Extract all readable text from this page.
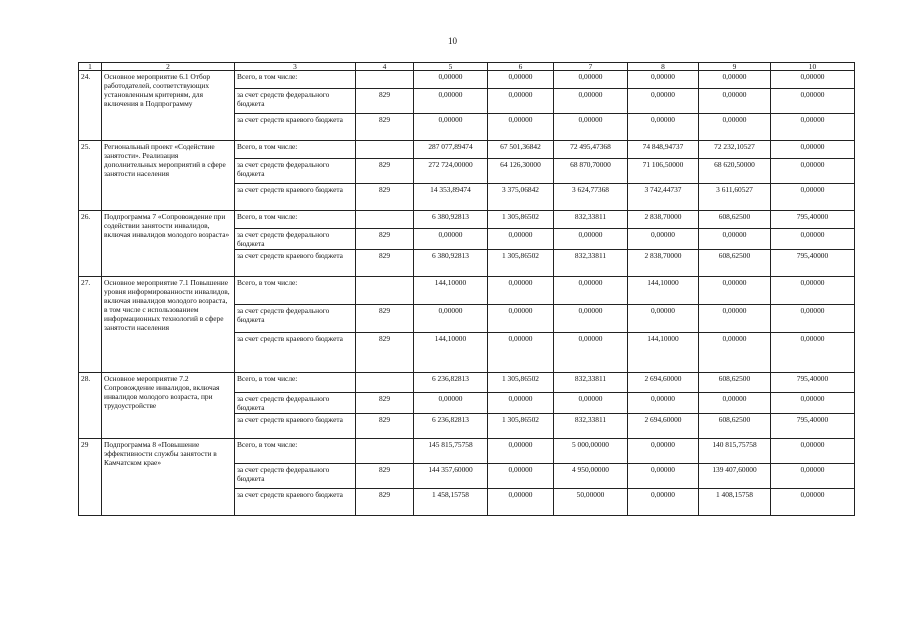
10
1	2	3	4	5	6	7	8	9	10
24.	Основное мероприятие 6.1 Отбор работодателей, соответствующих установленным критериям, для включения в Подпрограмму	Всего, в том числе:		0,00000	0,00000	0,00000	0,00000	0,00000	0,00000
		за счет средств федерального бюджета	829	0,00000	0,00000	0,00000	0,00000	0,00000	0,00000
		за счет средств краевого бюджета	829	0,00000	0,00000	0,00000	0,00000	0,00000	0,00000
25.	Региональный проект «Содействие занятости». Реализация дополнительных мероприятий в сфере занятости населения	Всего, в том числе:		287 077,89474	67 501,36842	72 495,47368	74 848,94737	72 232,10527	0,00000
		за счет средств федерального бюджета	829	272 724,00000	64 126,30000	68 870,70000	71 106,50000	68 620,50000	0,00000
		за счет средств краевого бюджета	829	14 353,89474	3 375,06842	3 624,77368	3 742,44737	3 611,60527	0,00000
26.	Подпрограмма 7 «Сопровождение при содействии занятости инвалидов, включая инвалидов молодого возраста»	Всего, в том числе:		6 380,92813	1 305,86502	832,33811	2 838,70000	608,62500	795,40000
		за счет средств федерального бюджета	829	0,00000	0,00000	0,00000	0,00000	0,00000	0,00000
		за счет средств краевого бюджета	829	6 380,92813	1 305,86502	832,33811	2 838,70000	608,62500	795,40000
27.	Основное мероприятие 7.1 Повышение уровня информированности инвалидов, включая инвалидов молодого возраста, в том числе с использованием информационных технологий в сфере занятости населения	Всего, в том числе:		144,10000	0,00000	0,00000	144,10000	0,00000	0,00000
		за счет средств федерального бюджета	829	0,00000	0,00000	0,00000	0,00000	0,00000	0,00000
		за счет средств краевого бюджета	829	144,10000	0,00000	0,00000	144,10000	0,00000	0,00000
28.	Основное мероприятие 7.2 Сопровождение инвалидов, включая инвалидов молодого возраста, при трудоустройстве	Всего, в том числе:		6 236,82813	1 305,86502	832,33811	2 694,60000	608,62500	795,40000
		за счет средств федерального бюджета	829	0,00000	0,00000	0,00000	0,00000	0,00000	0,00000
		за счет средств краевого бюджета	829	6 236,82813	1 305,86502	832,33811	2 694,60000	608,62500	795,40000
29	Подпрограмма 8 «Повышение эффективности службы занятости в Камчатском крае»	Всего, в том числе:		145 815,75758	0,00000	5 000,00000	0,00000	140 815,75758	0,00000
		за счет средств федерального бюджета	829	144 357,60000	0,00000	4 950,00000	0,00000	139 407,60000	0,00000
		за счет средств краевого бюджета	829	1 458,15758	0,00000	50,00000	0,00000	1 408,15758	0,00000
